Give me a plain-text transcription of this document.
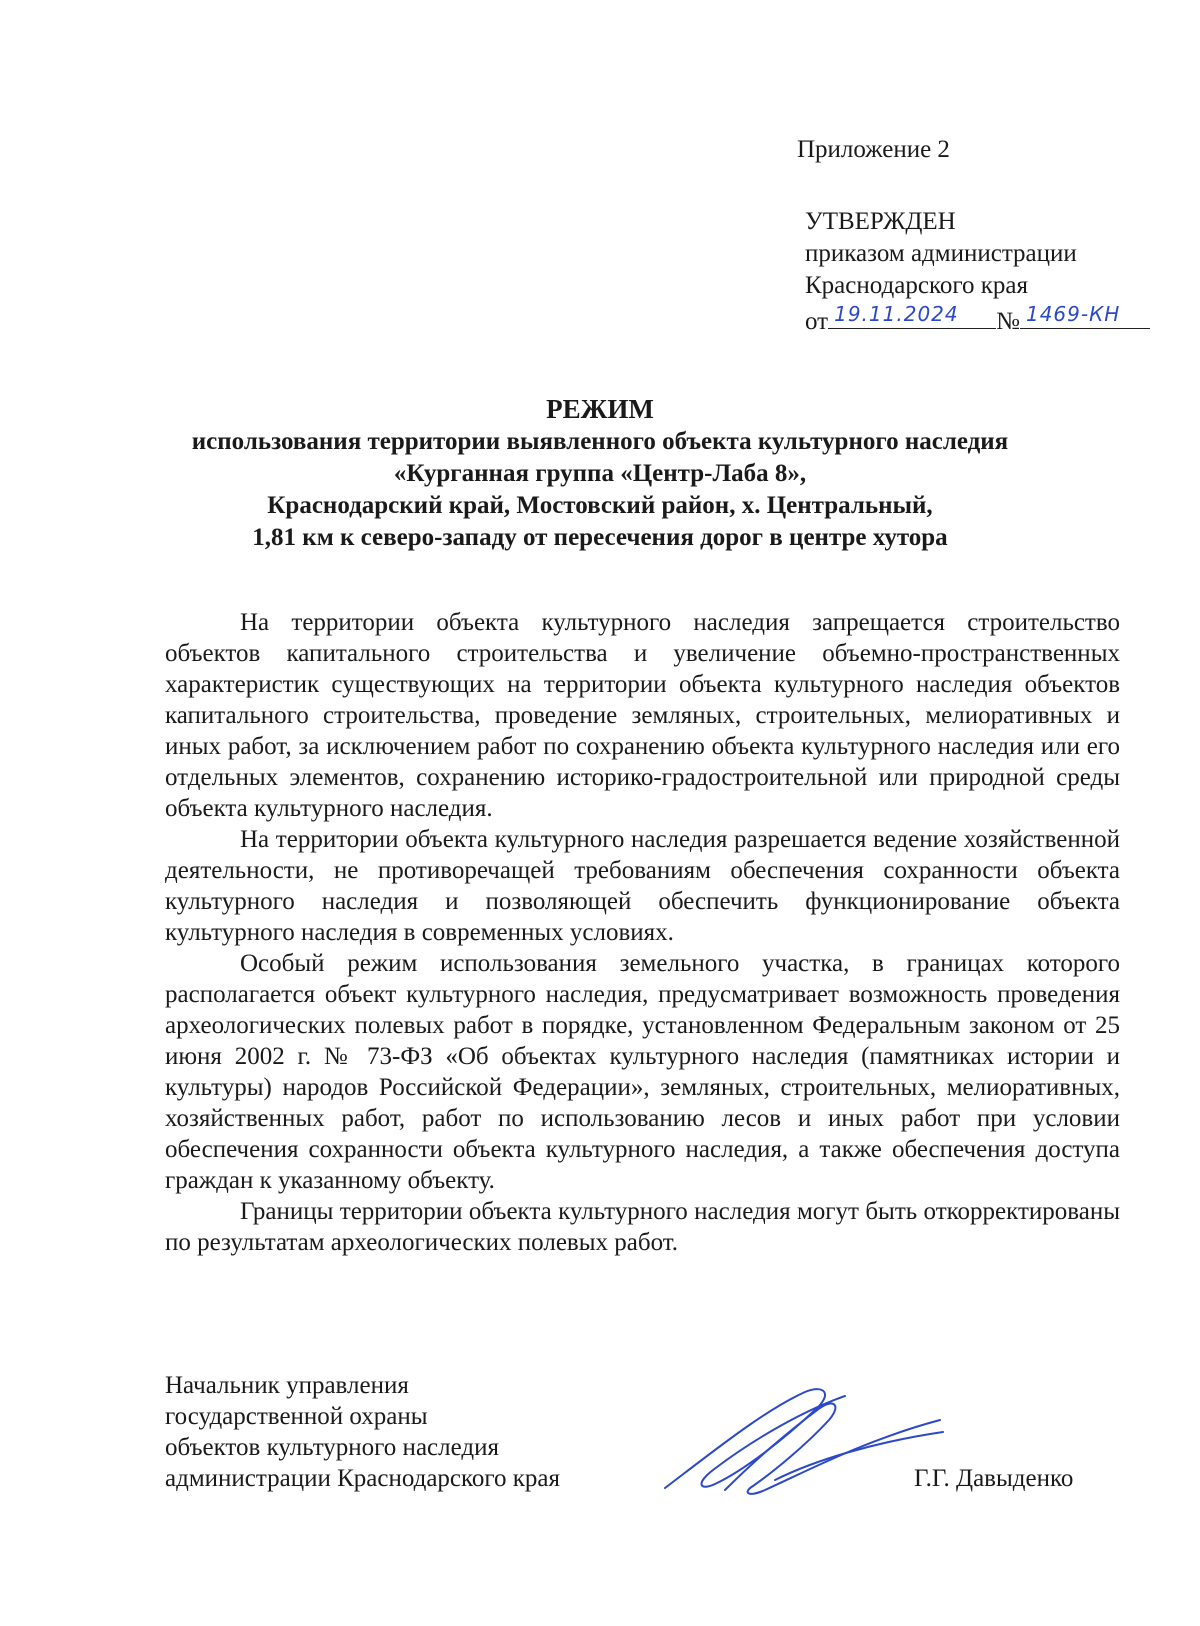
Приложение 2
УТВЕРЖДЕН
приказом администрации
Краснодарского края
от 19.11.2024 № 1469-КН
РЕЖИМ
использования территории выявленного объекта культурного наследия
«Курганная группа «Центр-Лаба 8»,
Краснодарский край, Мостовский район, х. Центральный,
1,81 км к северо-западу от пересечения дорог в центре хутора

На территории объекта культурного наследия запрещается строительство объектов капитального строительства и увеличение объемно-пространственных характеристик существующих на территории объекта культурного наследия объектов капитального строительства, проведение земляных, строительных, мелиоративных и иных работ, за исключением работ по сохранению объекта культурного наследия или его отдельных элементов, сохранению историко-градостроительной или природной среды объекта культурного наследия.

На территории объекта культурного наследия разрешается ведение хозяйственной деятельности, не противоречащей требованиям обеспечения сохранности объекта культурного наследия и позволяющей обеспечить функционирование объекта культурного наследия в современных условиях.

Особый режим использования земельного участка, в границах которого располагается объект культурного наследия, предусматривает возможность проведения археологических полевых работ в порядке, установленном Федеральным законом от 25 июня 2002 г. № 73-ФЗ «Об объектах культурного наследия (памятниках истории и культуры) народов Российской Федерации», земляных, строительных, мелиоративных, хозяйственных работ, работ по использованию лесов и иных работ при условии обеспечения сохранности объекта культурного наследия, а также обеспечения доступа граждан к указанному объекту.

Границы территории объекта культурного наследия могут быть откорректированы по результатам археологических полевых работ.

Начальник управления
государственной охраны
объектов культурного наследия
администрации Краснодарского края	Г.Г. Давыденко
